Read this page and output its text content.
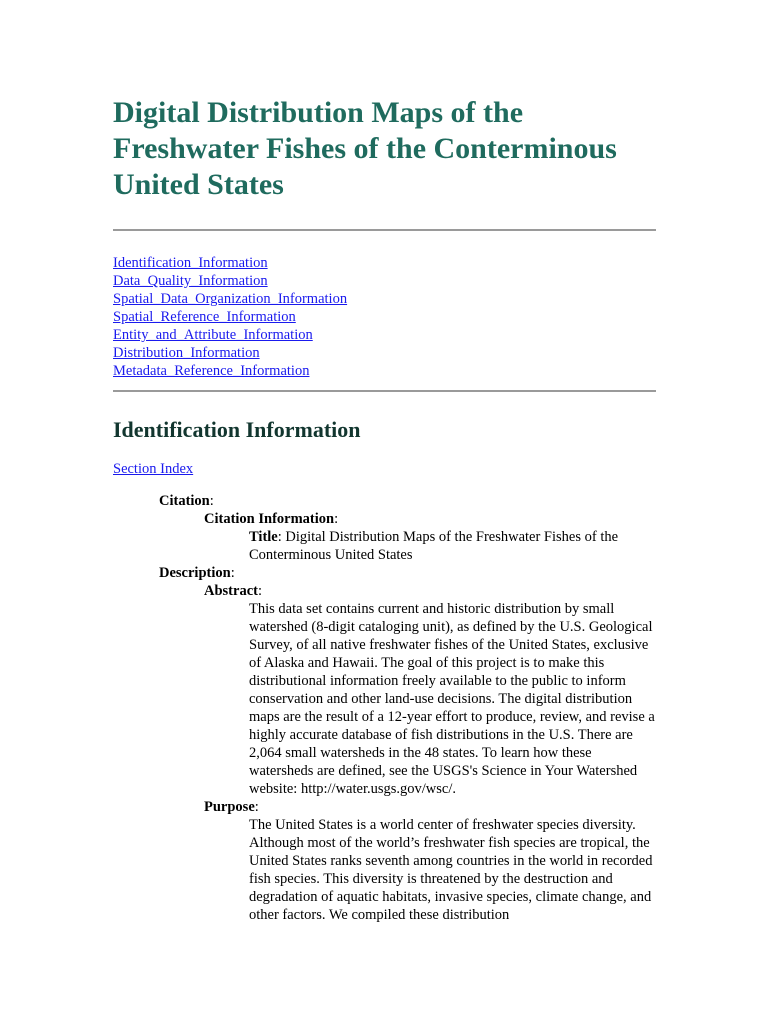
Digital Distribution Maps of the Freshwater Fishes of the Conterminous United States
Identification_Information
Data_Quality_Information
Spatial_Data_Organization_Information
Spatial_Reference_Information
Entity_and_Attribute_Information
Distribution_Information
Metadata_Reference_Information
Identification Information
Section Index

Citation:

Citation Information:

Title: Digital Distribution Maps of the Freshwater Fishes of the Conterminous United States

Description:

Abstract:

This data set contains current and historic distribution by small watershed (8-digit cataloging unit), as defined by the U.S. Geological Survey, of all native freshwater fishes of the United States, exclusive of Alaska and Hawaii. The goal of this project is to make this distributional information freely available to the public to inform conservation and other land-use decisions. The digital distribution maps are the result of a 12-year effort to produce, review, and revise a highly accurate database of fish distributions in the U.S. There are 2,064 small watersheds in the 48 states. To learn how these watersheds are defined, see the USGS's Science in Your Watershed website: http://water.usgs.gov/wsc/.

Purpose:

The United States is a world center of freshwater species diversity. Although most of the world’s freshwater fish species are tropical, the United States ranks seventh among countries in the world in recorded fish species. This diversity is threatened by the destruction and degradation of aquatic habitats, invasive species, climate change, and other factors. We compiled these distribution
